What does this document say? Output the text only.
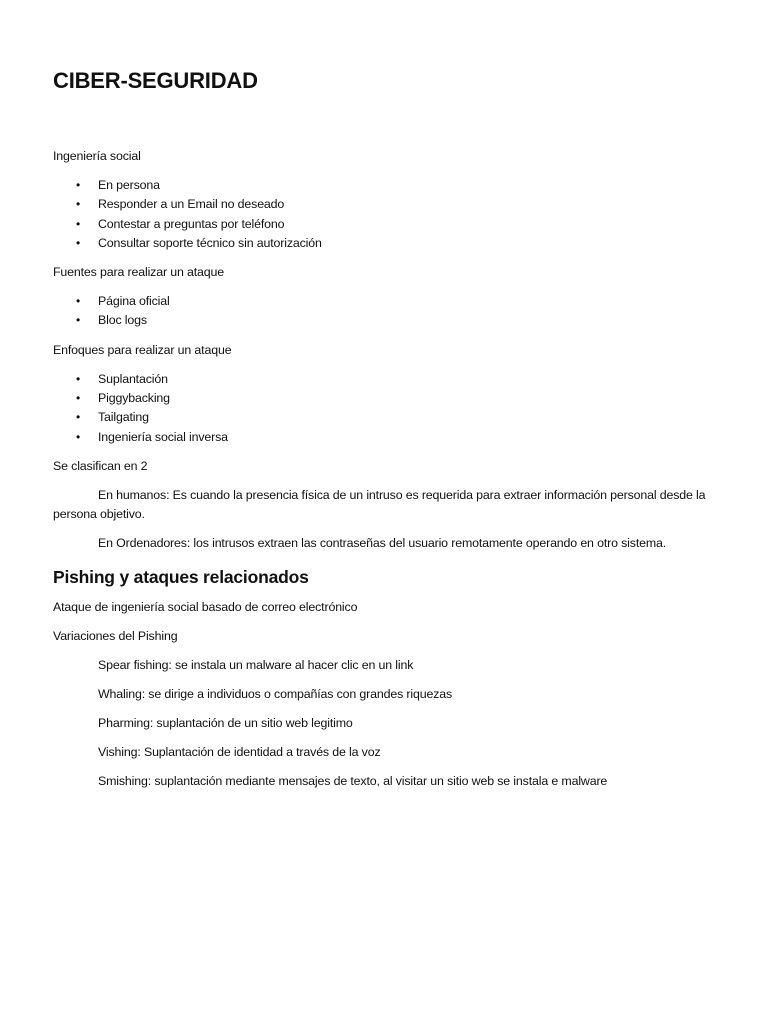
CIBER-SEGURIDAD

Ingeniería social

• En persona
• Responder a un Email no deseado
• Contestar a preguntas por teléfono
• Consultar soporte técnico sin autorización

Fuentes para realizar un ataque

• Página oficial
• Bloc logs

Enfoques para realizar un ataque

• Suplantación
• Piggybacking
• Tailgating
• Ingeniería social inversa

Se clasifican en 2

En humanos: Es cuando la presencia física de un intruso es requerida para extraer información personal desde la persona objetivo.

En Ordenadores: los intrusos extraen las contraseñas del usuario remotamente operando en otro sistema.

Pishing y ataques relacionados

Ataque de ingeniería social basado de correo electrónico

Variaciones del Pishing

Spear fishing: se instala un malware al hacer clic en un link

Whaling: se dirige a individuos o compañías con grandes riquezas

Pharming: suplantación de un sitio web legitimo

Vishing: Suplantación de identidad a través de la voz

Smishing: suplantación mediante mensajes de texto, al visitar un sitio web se instala e malware
